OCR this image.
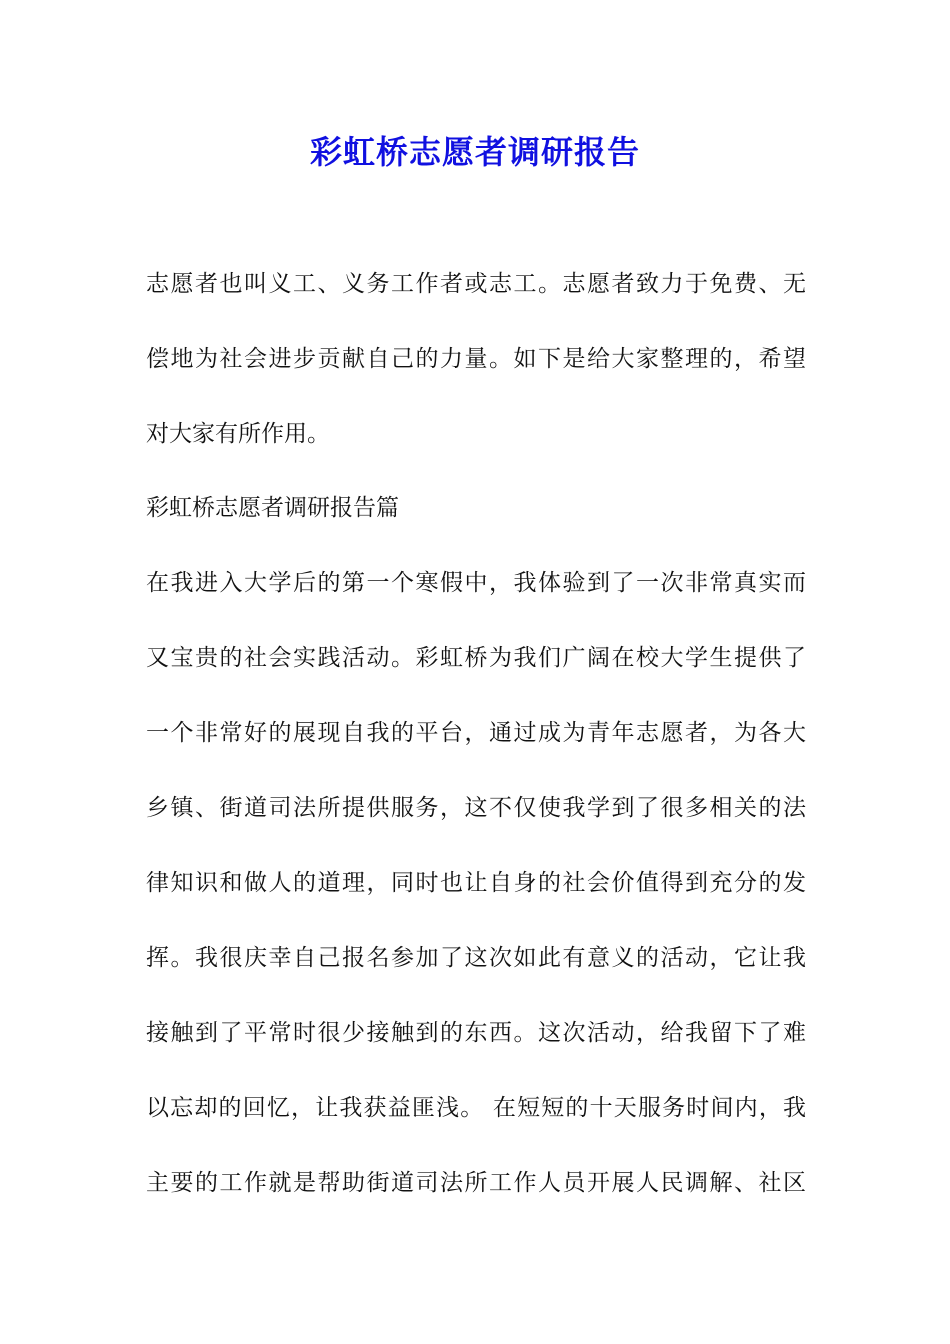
彩虹桥志愿者调研报告
志愿者也叫义工、义务工作者或志工。志愿者致力于免费、无
偿地为社会进步贡献自己的力量。如下是给大家整理的，希望
对大家有所作用。
彩虹桥志愿者调研报告篇
在我进入大学后的第一个寒假中，我体验到了一次非常真实而
又宝贵的社会实践活动。彩虹桥为我们广阔在校大学生提供了
一个非常好的展现自我的平台，通过成为青年志愿者，为各大
乡镇、街道司法所提供服务，这不仅使我学到了很多相关的法
律知识和做人的道理，同时也让自身的社会价值得到充分的发
挥。我很庆幸自己报名参加了这次如此有意义的活动，它让我
接触到了平常时很少接触到的东西。这次活动，给我留下了难
以忘却的回忆，让我获益匪浅。 在短短的十天服务时间内，我
主要的工作就是帮助街道司法所工作人员开展人民调解、社区
